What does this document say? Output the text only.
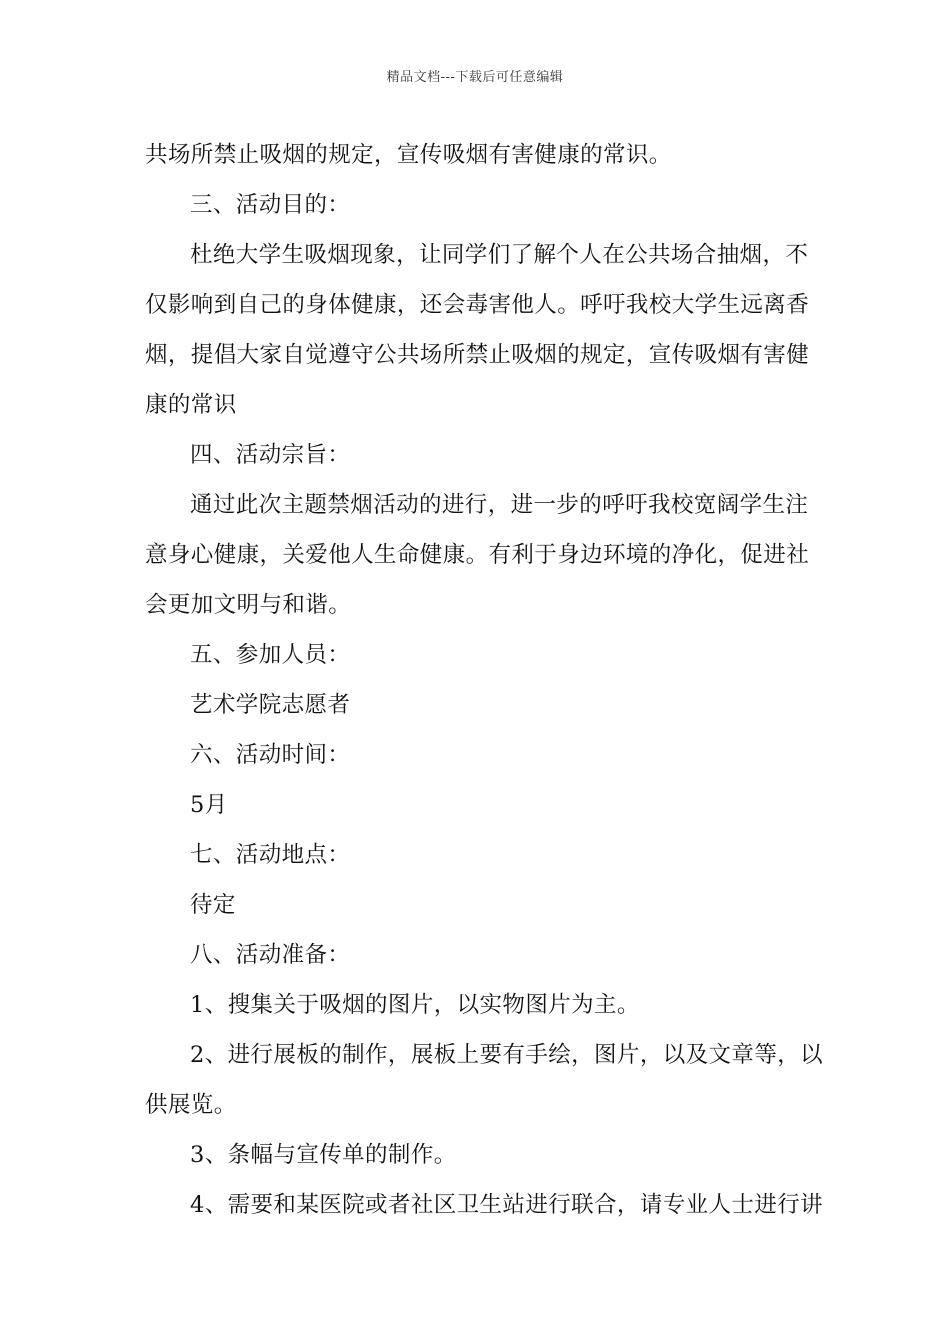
精品文档---下载后可任意编辑
共场所禁止吸烟的规定，宣传吸烟有害健康的常识。
三、活动目的：
杜绝大学生吸烟现象，让同学们了解个人在公共场合抽烟，不
仅影响到自己的身体健康，还会毒害他人。呼吁我校大学生远离香
烟，提倡大家自觉遵守公共场所禁止吸烟的规定，宣传吸烟有害健
康的常识
四、活动宗旨：
通过此次主题禁烟活动的进行，进一步的呼吁我校宽阔学生注
意身心健康，关爱他人生命健康。有利于身边环境的净化，促进社
会更加文明与和谐。
五、参加人员：
艺术学院志愿者
六、活动时间：
5月
七、活动地点：
待定
八、活动准备：
1、搜集关于吸烟的图片，以实物图片为主。
2、进行展板的制作，展板上要有手绘，图片，以及文章等，以
供展览。
3、条幅与宣传单的制作。
4、需要和某医院或者社区卫生站进行联合，请专业人士进行讲
